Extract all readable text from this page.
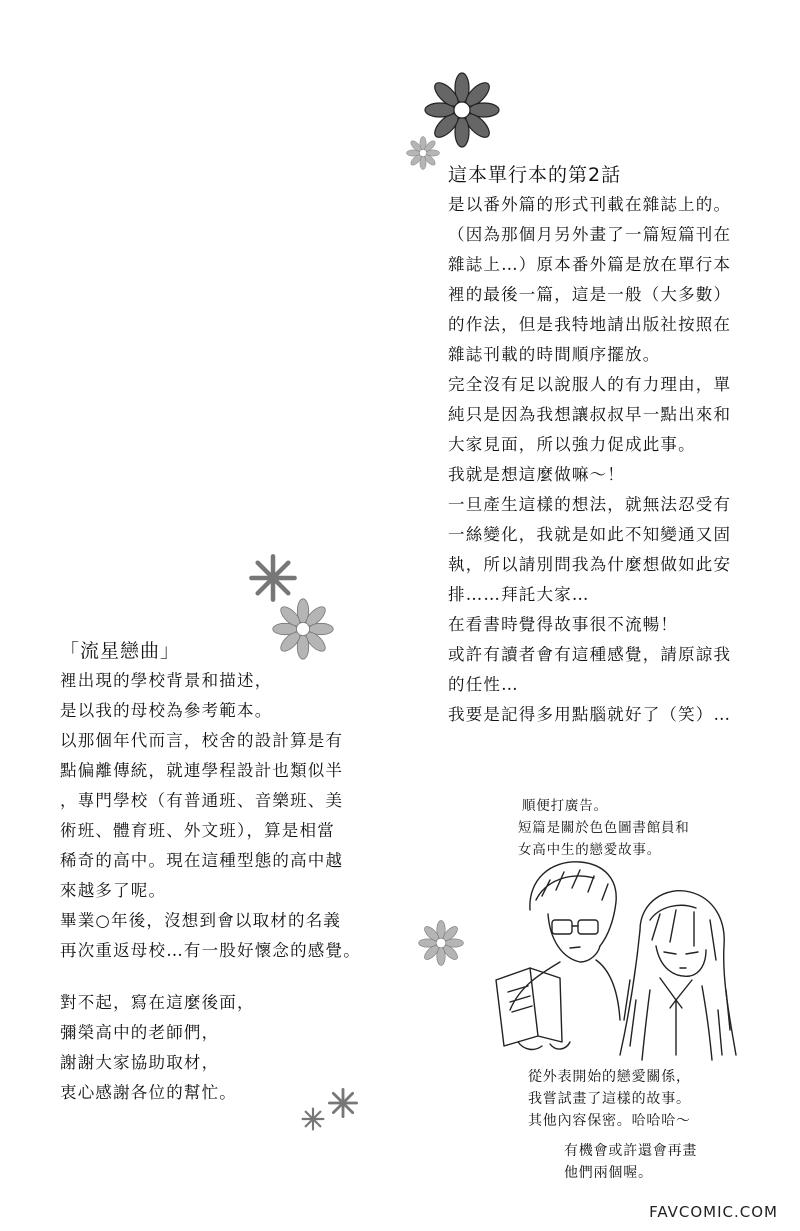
這本單行本的第2話
是以番外篇的形式刊載在雜誌上的。
（因為那個月另外畫了一篇短篇刊在
雜誌上…）原本番外篇是放在單行本
裡的最後一篇，這是一般（大多數）
的作法，但是我特地請出版社按照在
雜誌刊載的時間順序擺放。
完全沒有足以說服人的有力理由，單
純只是因為我想讓叔叔早一點出來和
大家見面，所以強力促成此事。
我就是想這麼做嘛～！
一旦產生這樣的想法，就無法忍受有
一絲變化，我就是如此不知變通又固
執，所以請別問我為什麼想做如此安
排……拜託大家…
在看書時覺得故事很不流暢！
或許有讀者會有這種感覺，請原諒我
的任性…
我要是記得多用點腦就好了（笑）…
「流星戀曲」
裡出現的學校背景和描述，
是以我的母校為參考範本。
以那個年代而言，校舍的設計算是有
點偏離傳統，就連學程設計也類似半
，專門學校（有普通班、音樂班、美
術班、體育班、外文班），算是相當
稀奇的高中。現在這種型態的高中越
來越多了呢。
畢業○年後，沒想到會以取材的名義
再次重返母校…有一股好懷念的感覺。
對不起，寫在這麼後面，
彌榮高中的老師們，
謝謝大家協助取材，
衷心感謝各位的幫忙。
順便打廣告。
短篇是關於色色圖書館員和
女高中生的戀愛故事。
從外表開始的戀愛關係，
我嘗試畫了這樣的故事。
其他內容保密。哈哈哈～
有機會或許還會再畫
他們兩個喔。
FAVCOMIC.COM
